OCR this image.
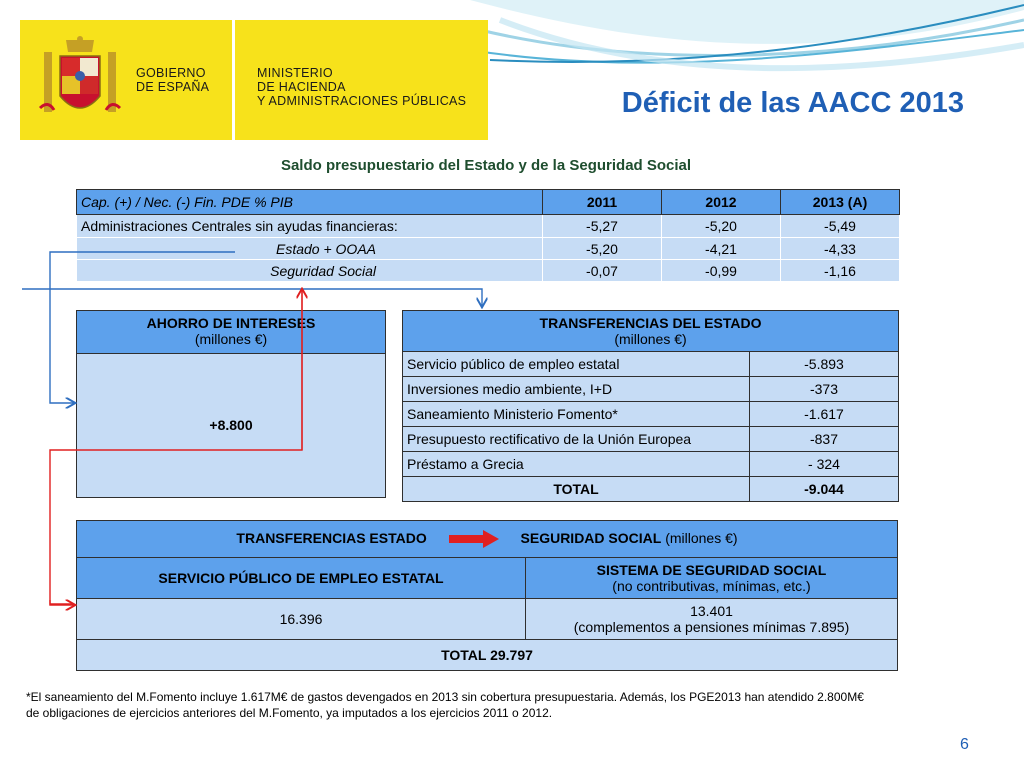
GOBIERNO
DE ESPAÑA
MINISTERIO
DE HACIENDA
Y ADMINISTRACIONES PÚBLICAS	Déficit de las AACC 2013
Saldo presupuestario del Estado y de la Seguridad Social
Cap. (+) / Nec. (-) Fin. PDE % PIB	2011	2012	2013 (A)
Administraciones Centrales sin ayudas financieras:	-5,27	-5,20	-5,49
Estado + OOAA	-5,20	-4,21	-4,33
Seguridad Social	-0,07	-0,99	-1,16
AHORRO DE INTERESES
(millones €)
+8.800
TRANSFERENCIAS DEL ESTADO
(millones €)	

Servicio público de empleo estatal	-5.893
Inversiones medio ambiente, I+D	-373
Saneamiento Ministerio Fomento*	-1.617
Presupuesto rectificativo de la Unión Europea	-837
Préstamo a Grecia	- 324
TOTAL	-9.044
TRANSFERENCIAS ESTADO SEGURIDAD SOCIAL (millones €)	
SERVICIO PÚBLICO DE EMPLEO ESTATAL	SISTEMA DE SEGURIDAD SOCIAL
(no contributivas, mínimas, etc.)

16.396	13.401
(complementos a pensiones mínimas 7.895)

TOTAL 29.797	
*El saneamiento del M.Fomento incluye 1.617M€ de gastos devengados en 2013 sin cobertura presupuestaria. Además, los PGE2013 han atendido 2.800M€
de obligaciones de ejercicios anteriores del M.Fomento, ya imputados a los ejercicios 2011 o 2012.
6
